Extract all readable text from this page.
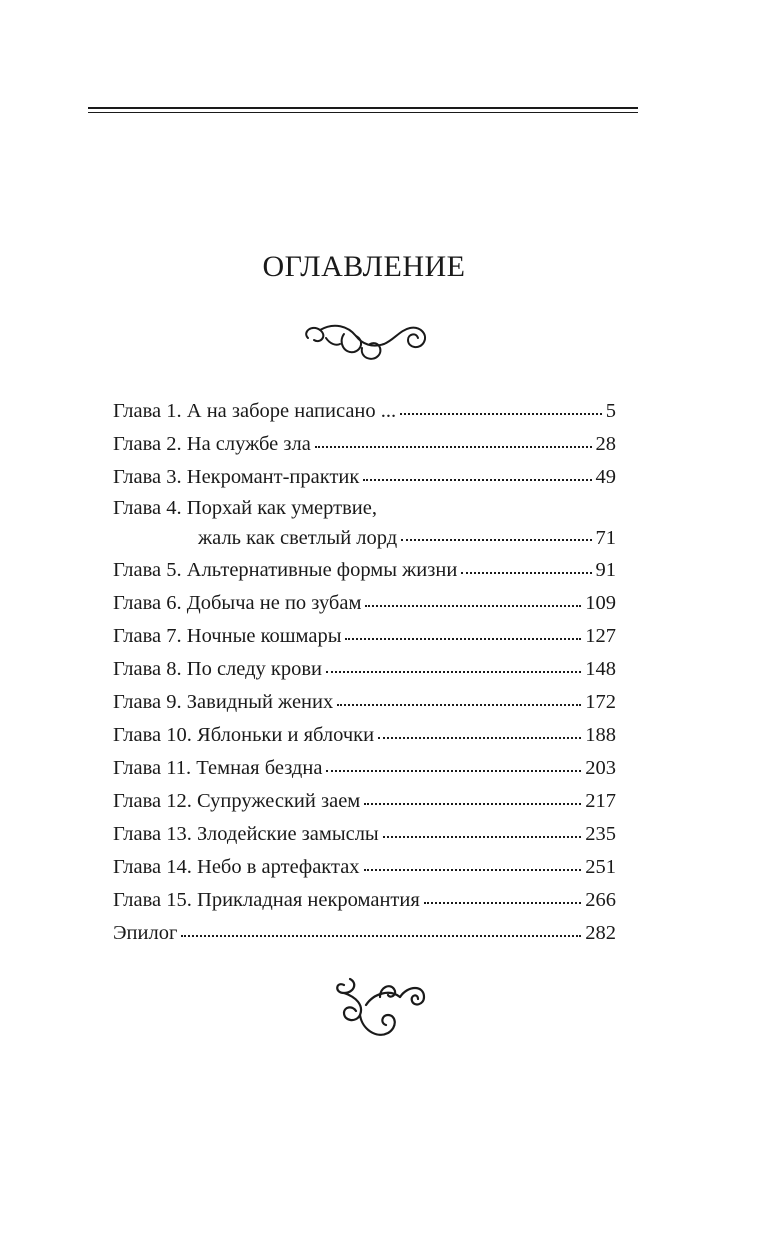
ОГЛАВЛЕНИЕ
Глава 1. А на заборе написано ...	5
Глава 2. На службе зла	28
Глава 3. Некромант-практик	49
Глава 4. Порхай как умертвие,
жаль как светлый лорд	71
Глава 5. Альтернативные формы жизни	91
Глава 6. Добыча не по зубам	109
Глава 7. Ночные кошмары	127
Глава 8. По следу крови	148
Глава 9. Завидный жених	172
Глава 10. Яблоньки и яблочки	188
Глава 11. Темная бездна	203
Глава 12. Супружеский заем	217
Глава 13. Злодейские замыслы	235
Глава 14. Небо в артефактах	251
Глава 15. Прикладная некромантия	266
Эпилог	282
